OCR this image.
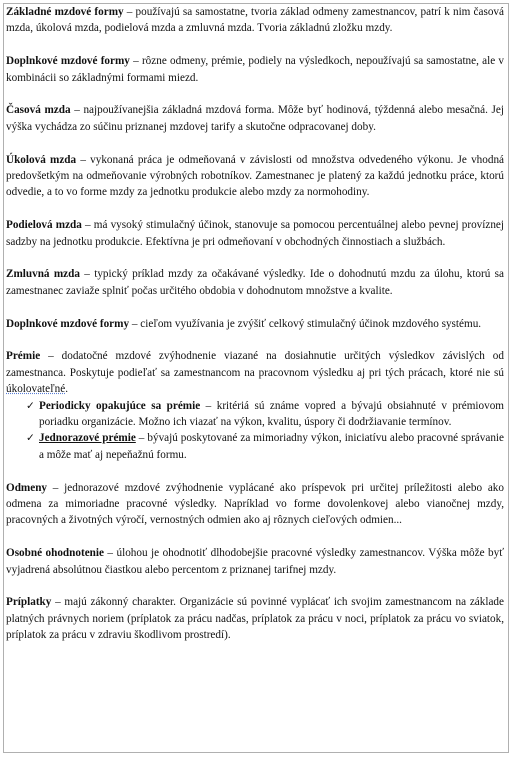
Základné mzdové formy – používajú sa samostatne, tvoria základ odmeny zamestnancov, patrí k nim časová mzda, úkolová mzda, podielová mzda a zmluvná mzda. Tvoria základnú zložku mzdy.

Doplnkové mzdové formy – rôzne odmeny, prémie, podiely na výsledkoch, nepoužívajú sa samostatne, ale v kombinácii so základnými formami miezd.

Časová mzda – najpoužívanejšia základná mzdová forma. Môže byť hodinová, týždenná alebo mesačná. Jej výška vychádza zo súčinu priznanej mzdovej tarify a skutočne odpracovanej doby.

Úkolová mzda – vykonaná práca je odmeňovaná v závislosti od množstva odvedeného výkonu. Je vhodná predovšetkým na odmeňovanie výrobných robotníkov. Zamestnanec je platený za každú jednotku práce, ktorú odvedie, a to vo forme mzdy za jednotku produkcie alebo mzdy za normohodiny.

Podielová mzda – má vysoký stimulačný účinok, stanovuje sa pomocou percentuálnej alebo pevnej províznej sadzby na jednotku produkcie. Efektívna je pri odmeňovaní v obchodných činnostiach a službách.

Zmluvná mzda – typický príklad mzdy za očakávané výsledky. Ide o dohodnutú mzdu za úlohu, ktorú sa zamestnanec zaviaže splniť počas určitého obdobia v dohodnutom množstve a kvalite.

Doplnkové mzdové formy – cieľom využívania je zvýšiť celkový stimulačný účinok mzdového systému.

Prémie – dodatočné mzdové zvýhodnenie viazané na dosiahnutie určitých výsledkov závislých od zamestnanca. Poskytuje podieľať sa zamestnancom na pracovnom výsledku aj pri tých prácach, ktoré nie sú úkolovateľné.

✓ Periodicky opakujúce sa prémie – kritériá sú známe vopred a bývajú obsiahnuté v prémiovom poriadku organizácie. Možno ich viazať na výkon, kvalitu, úspory či dodržiavanie termínov.
✓ Jednorazové prémie – bývajú poskytované za mimoriadny výkon, iniciatívu alebo pracovné správanie a môže mať aj nepeňažnú formu.

Odmeny – jednorazové mzdové zvýhodnenie vyplácané ako príspevok pri určitej príležitosti alebo ako odmena za mimoriadne pracovné výsledky. Napríklad vo forme dovolenkovej alebo vianočnej mzdy, pracovných a životných výročí, vernostných odmien ako aj rôznych cieľových odmien...

Osobné ohodnotenie – úlohou je ohodnotiť dlhodobejšie pracovné výsledky zamestnancov. Výška môže byť vyjadrená absolútnou čiastkou alebo percentom z priznanej tarifnej mzdy.

Príplatky – majú zákonný charakter. Organizácie sú povinné vyplácať ich svojim zamestnancom na základe platných právnych noriem (príplatok za prácu nadčas, príplatok za prácu v noci, príplatok za prácu vo sviatok, príplatok za prácu v zdraviu škodlivom prostredí).
